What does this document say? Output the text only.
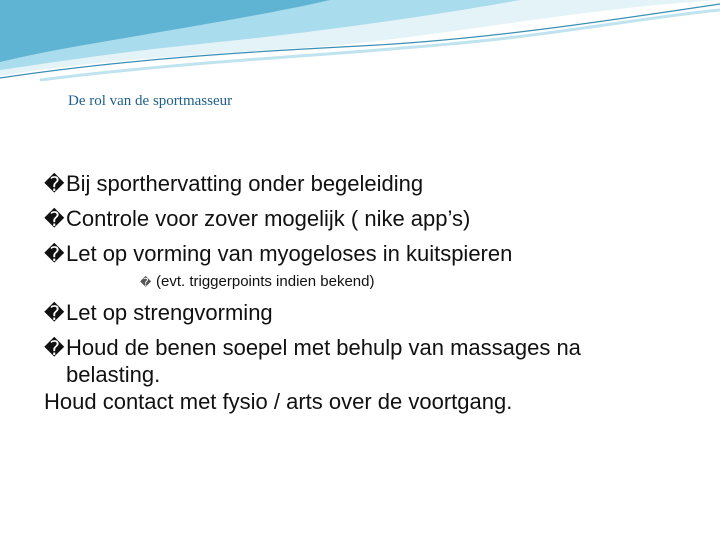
De rol van de sportmasseur
�Bij sporthervatting onder begeleiding
�Controle voor zover mogelijk ( nike app’s)
�Let op vorming van myogeloses in kuitspieren
� (evt. triggerpoints indien bekend)
�Let op strengvorming
�Houd de benen soepel met behulp van massages na
belasting.
Houd contact met fysio / arts over de voortgang.
